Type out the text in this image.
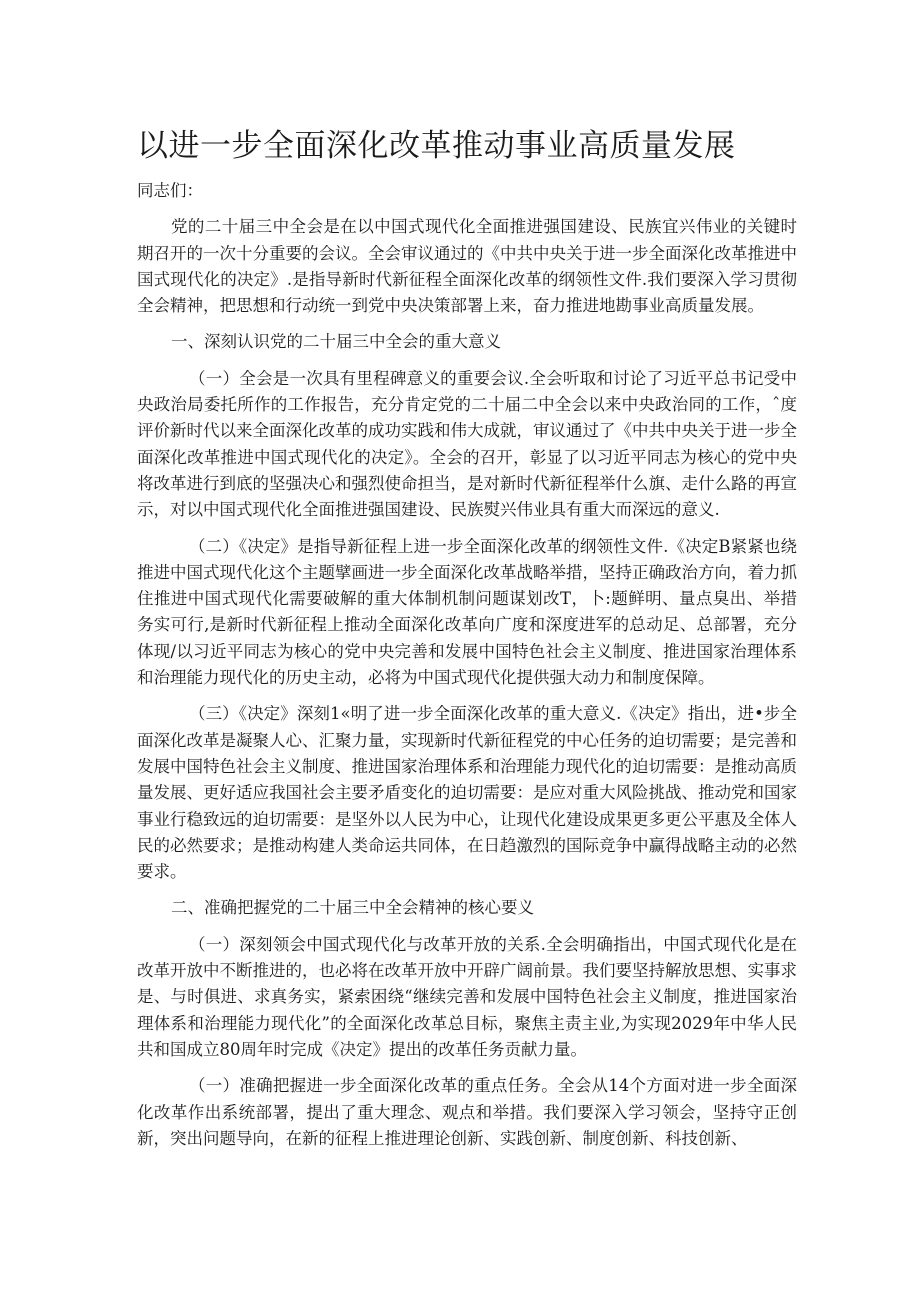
以进一步全面深化改革推动事业高质量发展

同志们：

党的二十届三中全会是在以中国式现代化全面推进强国建设、民族宜兴伟业的关键时期召开的一次十分重要的会议。全会审议通过的《中共中央关于进一步全面深化改革推进中国式现代化的决定》.是指导新时代新征程全面深化改革的纲领性文件.我们要深入学习贯彻全会精神，把思想和行动统一到党中央决策部署上来，奋力推进地勘事业高质量发展。

一、深刻认识党的二十届三中全会的重大意义

（一）全会是一次具有里程碑意义的重要会议.全会听取和讨论了习近平总书记受中央政治局委托所作的工作报告，充分肯定党的二十届二中全会以来中央政治同的工作，ˆ度评价新时代以来全面深化改革的成功实践和伟大成就，审议通过了《中共中央关于进一步全面深化改革推进中国式现代化的决定》。全会的召开，彰显了以习近平同志为核心的党中央将改革进行到底的坚强决心和强烈使命担当，是对新时代新征程举什么旗、走什么路的再宣示，对以中国式现代化全面推进强国建设、民族熨兴伟业具有重大而深远的意义.

（二）《决定》是指导新征程上进一步全面深化改革的纲领性文件.《决定B紧紧也绕推进中国式现代化这个主题擘画进一步全面深化改革战略举措，坚持正确政治方向，着力抓住推进中国式现代化需要破解的重大体制机制问题谋划改T，卜:题鲜明、量点臭出、举措务实可行,是新时代新征程上推动全面深化改革向广度和深度进军的总动足、总部署，充分体现/以习近平同志为核心的党中央完善和发展中国特色社会主义制度、推进国家治理体系和治理能力现代化的历史主动，必将为中国式现代化提供强大动力和制度保障。

（三）《决定》深刻1«明了进一步全面深化改革的重大意义.《决定》指出，进•步全面深化改革是凝聚人心、汇聚力量，实现新时代新征程党的中心任务的迫切需要；是完善和发展中国特色社会主义制度、推进国家治理体系和治理能力现代化的迫切需要：是推动高质量发展、更好适应我国社会主要矛盾变化的迫切需要：是应对重大风险挑战、推动党和国家事业行稳致远的迫切需要：是坚外以人民为中心，让现代化建设成果更多更公平惠及全体人民的必然要求；是推动构建人类命运共同体，在日趋激烈的国际竞争中赢得战略主动的必然要求。

二、准确把握党的二十届三中全会精神的核心要义

（一）深刻领会中国式现代化与改革开放的关系.全会明确指出，中国式现代化是在改革开放中不断推进的，也必将在改革开放中开辟广阔前景。我们要坚持解放思想、实事求是、与时俱进、求真务实，紧索困绕“继续完善和发展中国特色社会主义制度，推进国家治理体系和治理能力现代化”的全面深化改革总目标，聚焦主责主业,为实现2029年中华人民共和国成立80周年时完成《决定》提出的改革任务贡献力量。

（一）准确把握进一步全面深化改革的重点任务。全会从14个方面对进一步全面深化改革作出系统部署，提出了重大理念、观点和举措。我们要深入学习领会，坚持守正创新，突出问题导向，在新的征程上推进理论创新、实践创新、制度创新、科技创新、
